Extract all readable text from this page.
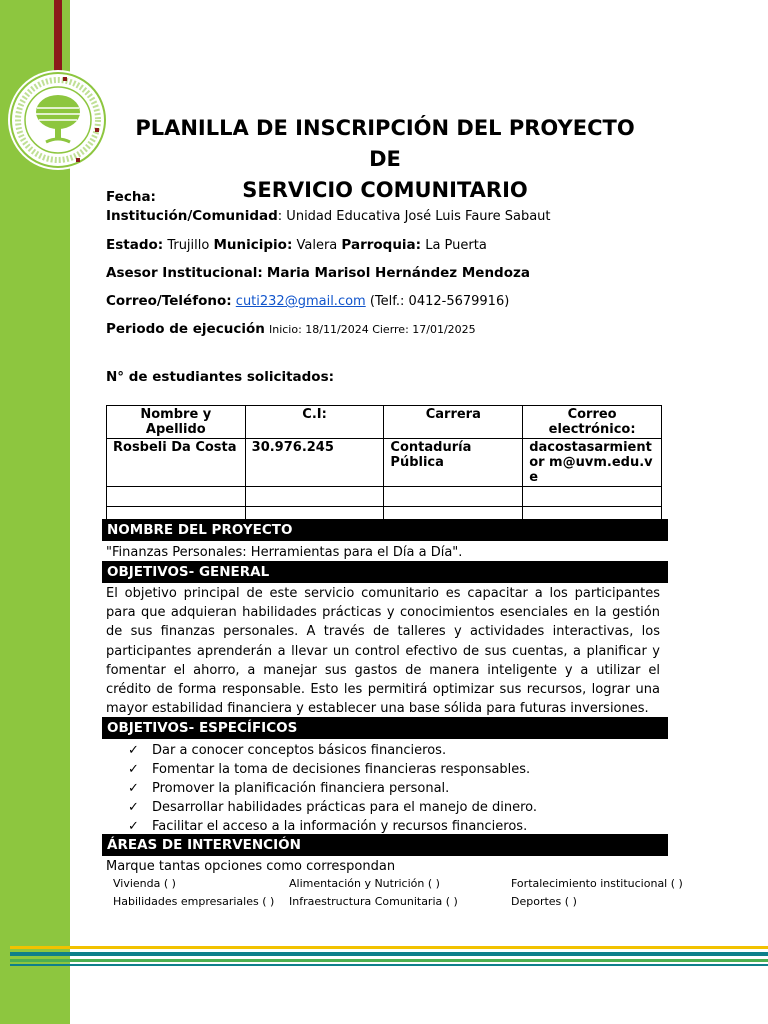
PLANILLA DE INSCRIPCIÓN DEL PROYECTO DE
SERVICIO COMUNITARIO
Fecha:
Institución/Comunidad: Unidad Educativa José Luis Faure Sabaut
Estado: Trujillo Municipio: Valera Parroquia: La Puerta
Asesor Institucional: Maria Marisol Hernández Mendoza
Correo/Teléfono: cuti232@gmail.com (Telf.: 0412-5679916)
Periodo de ejecución Inicio: 18/11/2024 Cierre: 17/01/2025
N° de estudiantes solicitados:
Nombre y Apellido	C.I:	Carrera	Correo electrónico:
Rosbeli Da Costa	30.976.245	Contaduría Pública	dacostasarmientor m@uvm.edu.ve

NOMBRE DEL PROYECTO
"Finanzas Personales: Herramientas para el Día a Día".
OBJETIVOS- GENERAL
El objetivo principal de este servicio comunitario es capacitar a los participantes para que adquieran habilidades prácticas y conocimientos esenciales en la gestión de sus finanzas personales. A través de talleres y actividades interactivas, los participantes aprenderán a llevar un control efectivo de sus cuentas, a planificar y fomentar el ahorro, a manejar sus gastos de manera inteligente y a utilizar el crédito de forma responsable. Esto les permitirá optimizar sus recursos, lograr una mayor estabilidad financiera y establecer una base sólida para futuras inversiones.
OBJETIVOS- ESPECÍFICOS
✓ Dar a conocer conceptos básicos financieros.
✓ Fomentar la toma de decisiones financieras responsables.
✓ Promover la planificación financiera personal.
✓ Desarrollar habilidades prácticas para el manejo de dinero.
✓ Facilitar el acceso a la información y recursos financieros.
ÁREAS DE INTERVENCIÓN
Marque tantas opciones como correspondan
Vivienda ( )	Alimentación y Nutrición ( )	Fortalecimiento institucional ( )
Habilidades empresariales ( ) Infraestructura Comunitaria ( )	Deportes ( )
